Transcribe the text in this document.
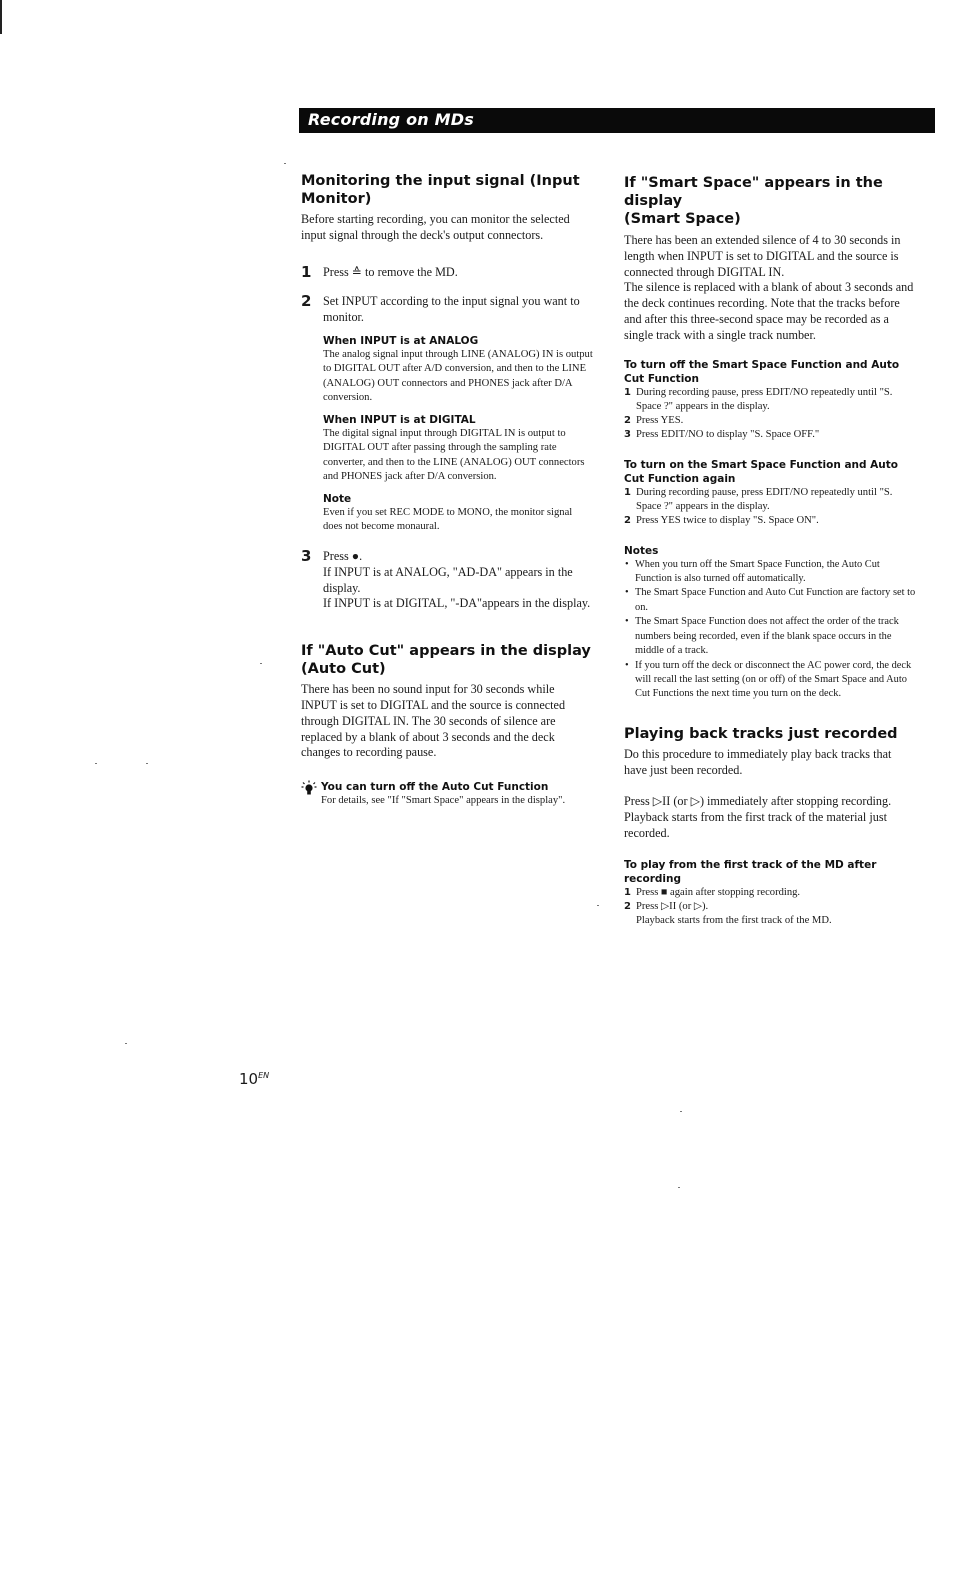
Recording on MDs
Monitoring the input signal (Input Monitor)

Before starting recording, you can monitor the selected input signal through the deck's output connectors.

1 Press ≙ to remove the MD.

2 Set INPUT according to the input signal you want to monitor.

When INPUT is at ANALOG

The analog signal input through LINE (ANALOG) IN is output to DIGITAL OUT after A/D conversion, and then to the LINE (ANALOG) OUT connectors and PHONES jack after D/A conversion.

When INPUT is at DIGITAL

The digital signal input through DIGITAL IN is output to DIGITAL OUT after passing through the sampling rate converter, and then to the LINE (ANALOG) OUT connectors and PHONES jack after D/A conversion.

Note

Even if you set REC MODE to MONO, the monitor signal does not become monaural.

3 Press ●.

If INPUT is at ANALOG, "AD-DA" appears in the display.

If INPUT is at DIGITAL, "-DA"appears in the display.

If "Auto Cut" appears in the display
(Auto Cut)

There has been no sound input for 30 seconds while INPUT is set to DIGITAL and the source is connected through DIGITAL IN. The 30 seconds of silence are replaced by a blank of about 3 seconds and the deck changes to recording pause.

You can turn off the Auto Cut Function

For details, see "If "Smart Space" appears in the display".

If "Smart Space" appears in the display
(Smart Space)

There has been an extended silence of 4 to 30 seconds in length when INPUT is set to DIGITAL and the source is connected through DIGITAL IN.

The silence is replaced with a blank of about 3 seconds and the deck continues recording. Note that the tracks before and after this three-second space may be recorded as a single track with a single track number.

To turn off the Smart Space Function and Auto Cut Function
1 During recording pause, press EDIT/NO repeatedly until "S. Space ?" appears in the display.
2 Press YES.
3 Press EDIT/NO to display "S. Space OFF."
To turn on the Smart Space Function and Auto Cut Function again
1 During recording pause, press EDIT/NO repeatedly until "S. Space ?" appears in the display.
2 Press YES twice to display "S. Space ON".
Notes
• When you turn off the Smart Space Function, the Auto Cut Function is also turned off automatically.
• The Smart Space Function and Auto Cut Function are factory set to on.
• The Smart Space Function does not affect the order of the track numbers being recorded, even if the blank space occurs in the middle of a track.
• If you turn off the deck or disconnect the AC power cord, the deck will recall the last setting (on or off) of the Smart Space and Auto Cut Functions the next time you turn on the deck.
Playing back tracks just recorded

Do this procedure to immediately play back tracks that have just been recorded.

Press ▷II (or ▷) immediately after stopping recording.

Playback starts from the first track of the material just recorded.

To play from the first track of the MD after recording
1 Press ■ again after stopping recording.
2 Press ▷II (or ▷).

Playback starts from the first track of the MD.

$10^{EN}$
